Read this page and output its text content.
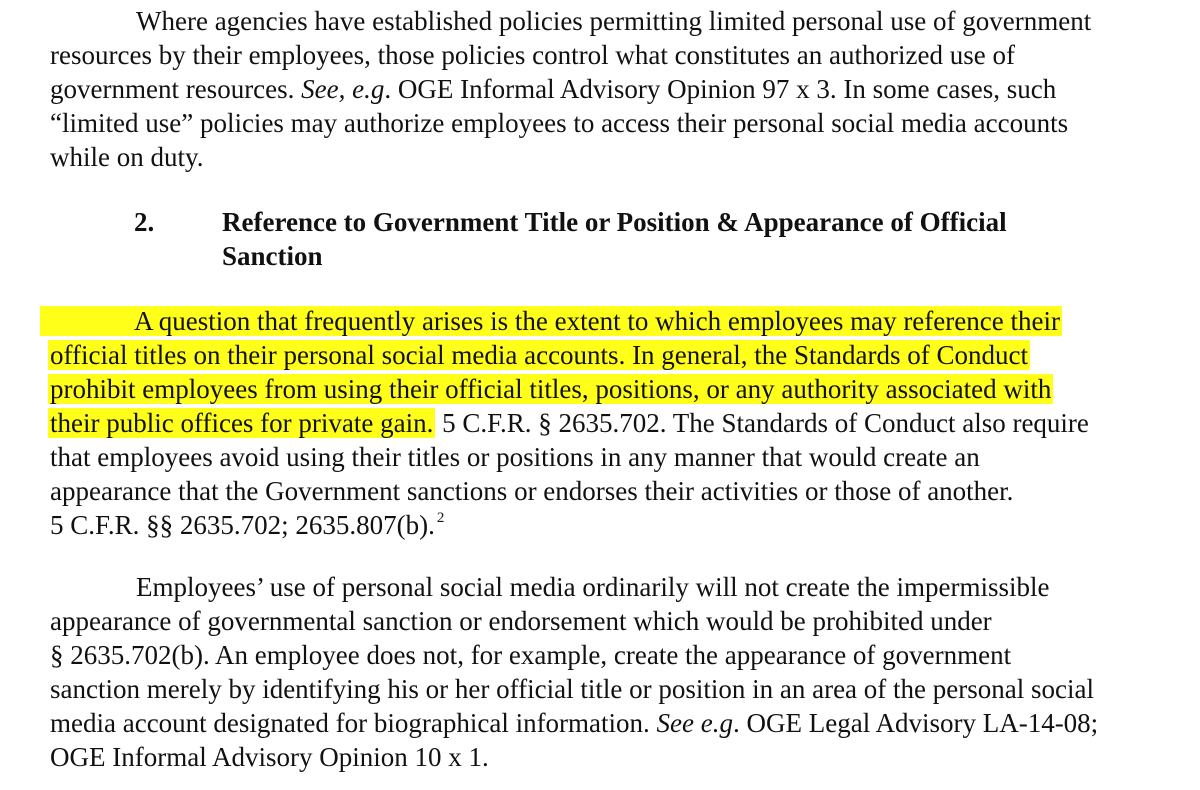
Where agencies have established policies permitting limited personal use of government
resources by their employees, those policies control what constitutes an authorized use of
government resources. See, e.g. OGE Informal Advisory Opinion 97 x 3. In some cases, such
“limited use” policies may authorize employees to access their personal social media accounts
while on duty.
2.	Reference to Government Title or Position & Appearance of Official
Sanction
A question that frequently arises is the extent to which employees may reference their
official titles on their personal social media accounts. In general, the Standards of Conduct
prohibit employees from using their official titles, positions, or any authority associated with
their public offices for private gain. 5 C.F.R. § 2635.702. The Standards of Conduct also require
that employees avoid using their titles or positions in any manner that would create an
appearance that the Government sanctions or endorses their activities or those of another.
5 C.F.R. §§ 2635.702; 2635.807(b). $^2$
Employees’ use of personal social media ordinarily will not create the impermissible
appearance of governmental sanction or endorsement which would be prohibited under
§ 2635.702(b). An employee does not, for example, create the appearance of government
sanction merely by identifying his or her official title or position in an area of the personal social
media account designated for biographical information. See e.g. OGE Legal Advisory LA-14-08;
OGE Informal Advisory Opinion 10 x 1.
